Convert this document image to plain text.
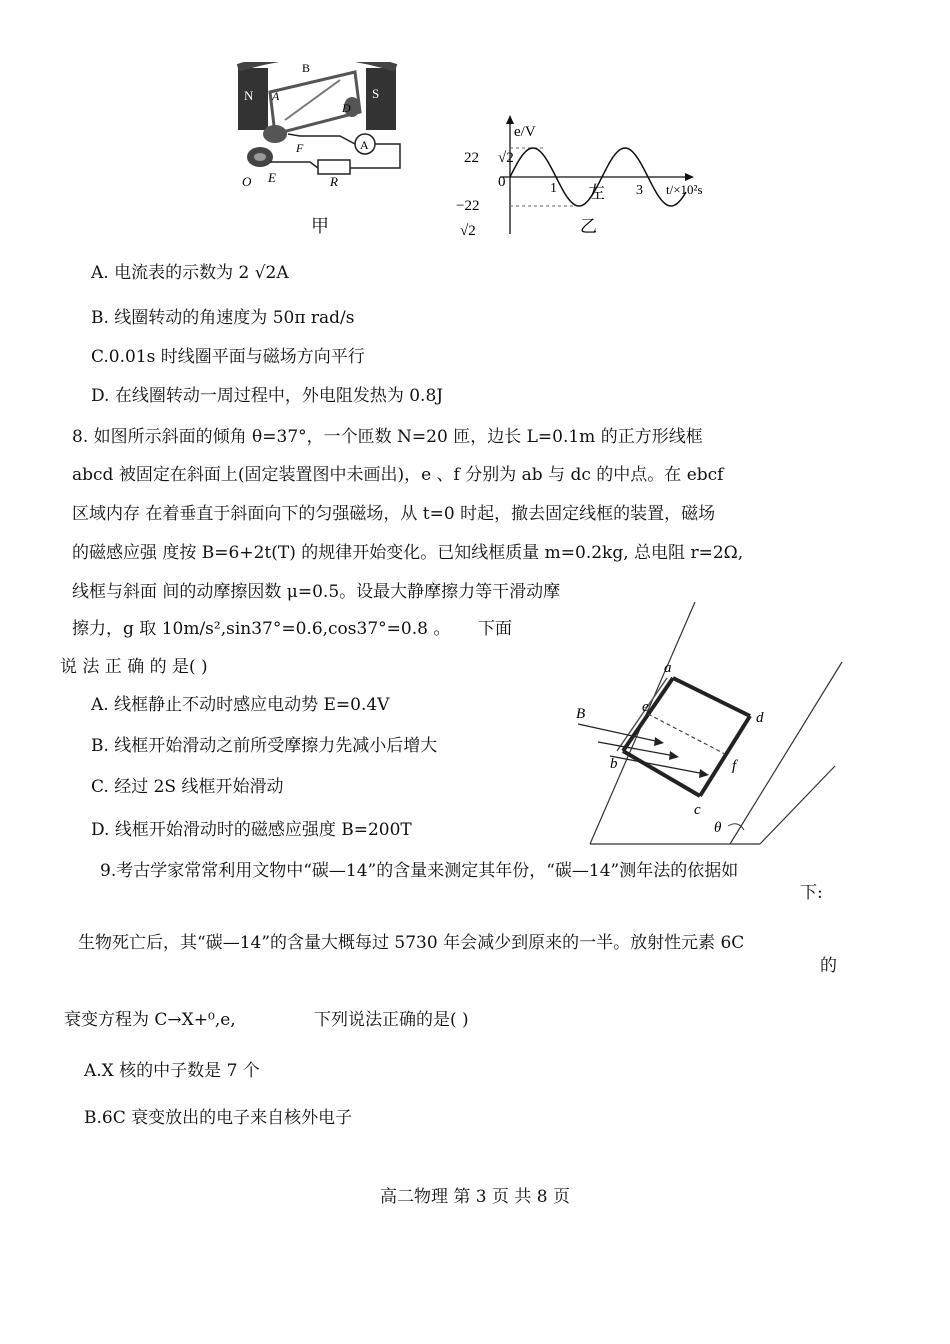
B
N A	S
D
F	A
O E	R
甲
e/V
22 √2
0
−22
√2
1 左 3 t/×10²s
乙
A. 电流表的示数为 2 √2A
B. 线圈转动的角速度为 50π rad/s
C.0.01s 时线圈平面与磁场方向平行
D. 在线圈转动一周过程中，外电阻发热为 0.8J
8. 如图所示斜面的倾角 θ=37°，一个匝数 N=20 匝，边长 L=0.1m 的正方形线框
abcd 被固定在斜面上(固定装置图中未画出)，e 、f 分别为 ab 与 dc 的中点。在 ebcf
区域内存 在着垂直于斜面向下的匀强磁场，从 t=0 时起，撤去固定线框的装置，磁场
的磁感应强 度按 B=6+2t(T) 的规律开始变化。已知线框质量 m=0.2kg, 总电阻 r=2Ω,
线框与斜面 间的动摩擦因数 μ=0.5。设最大静摩擦力等干滑动摩
擦力，g 取 10m/s²,sin37°=0.6,cos37°=0.8 。 下面
说 法 正 确 的 是( )
A. 线框静止不动时感应电动势 E=0.4V
B. 线框开始滑动之前所受摩擦力先减小后增大
C. 经过 2S 线框开始滑动
D. 线框开始滑动时的磁感应强度 B=200T
a
e
d
b	f
c
B
θ
9.考古学家常常利用文物中“碳—14”的含量来测定其年份，“碳—14”测年法的依据如
下:
生物死亡后，其“碳—14”的含量大概每过 5730 年会减少到原来的一半。放射性元素 6C
的
衰变方程为 C→X+⁰,e,	下列说法正确的是( )
A.X 核的中子数是 7 个
B.6C 衰变放出的电子来自核外电子
高二物理 第 3 页 共 8 页
